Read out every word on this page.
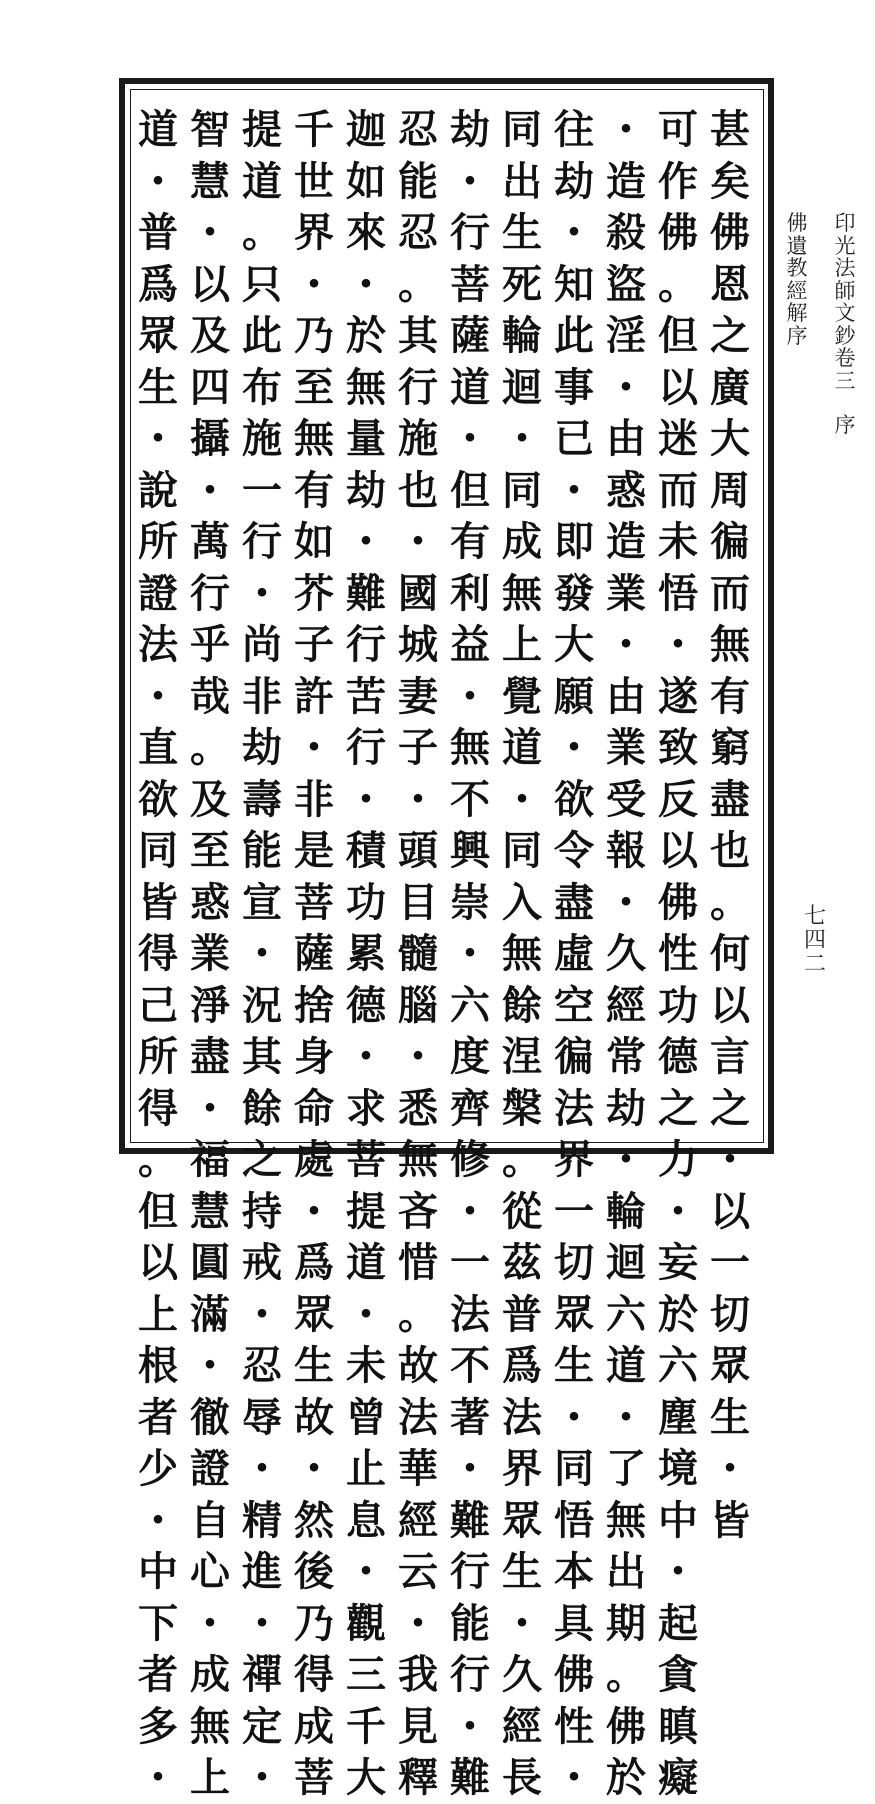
甚
矣
佛
恩
之
廣
大
周
徧
而
無
有
窮
盡
也
。
何
以
言
之
・
以
一
切
眾
生
・
皆
可
作
佛
。
但
以
迷
而
未
悟
・
遂
致
反
以
佛
性
功
德
之
力
・
妄
於
六
塵
境
中
・
起
貪
瞋
癡
・
造
殺
盜
淫
・
由
惑
造
業
・
由
業
受
報
・
久
經
常
劫
・
輪
迴
六
道
・
了
無
出
期
。
佛
於
往
劫
・
知
此
事
已
・
即
發
大
願
・
欲
令
盡
虛
空
徧
法
界
一
切
眾
生
・
同
悟
本
具
佛
性
・
同
出
生
死
輪
迴
・
同
成
無
上
覺
道
・
同
入
無
餘
涅
槃
。
從
茲
普
爲
法
界
眾
生
・
久
經
長
劫
・
行
菩
薩
道
・
但
有
利
益
・
無
不
興
崇
・
六
度
齊
修
・
一
法
不
著
・
難
行
能
行
・
難
忍
能
忍
。
其
行
施
也
・
國
城
妻
子
・
頭
目
髓
腦
・
悉
無
吝
惜
。
故
法
華
經
云
・
我
見
釋
迦
如
來
・
於
無
量
劫
・
難
行
苦
行
・
積
功
累
德
・
求
菩
提
道
・
未
曾
止
息
・
觀
三
千
大
千
世
界
・
乃
至
無
有
如
芥
子
許
・
非
是
菩
薩
捨
身
命
處
・
爲
眾
生
故
・
然
後
乃
得
成
菩
提
道
。
只
此
布
施
一
行
・
尚
非
劫
壽
能
宣
・
況
其
餘
之
持
戒
・
忍
辱
・
精
進
・
禪
定
・
智
慧
・
以
及
四
攝
・
萬
行
乎
哉
。
及
至
惑
業
淨
盡
・
福
慧
圓
滿
・
徹
證
自
心
・
成
無
上
道
・
普
爲
眾
生
・
說
所
證
法
・
直
欲
同
皆
得
己
所
得
。
但
以
上
根
者
少
・
中
下
者
多
・
印
光
法
師
文
鈔
卷
三
序
佛
遺
教
經
解
序
七
四
二
